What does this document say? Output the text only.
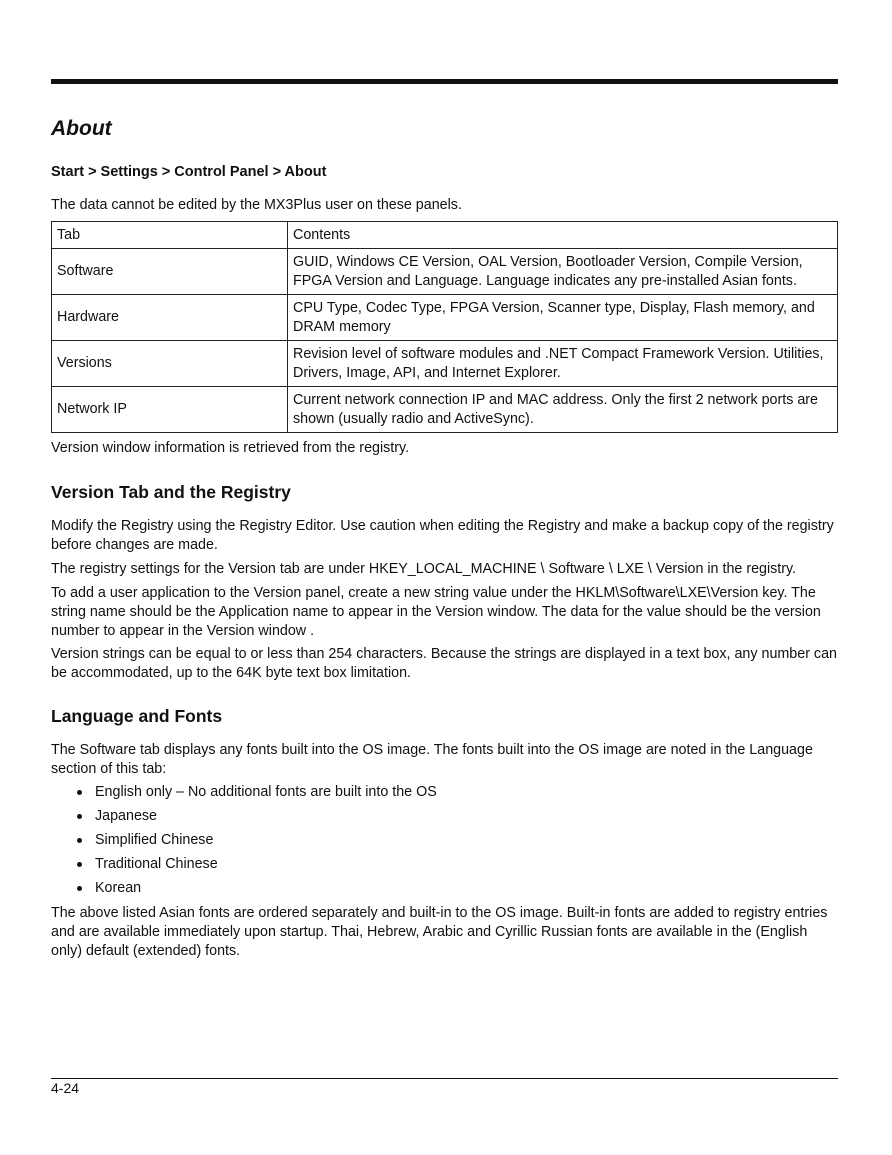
About
Start > Settings > Control Panel > About

The data cannot be edited by the MX3Plus user on these panels.

Tab	Contents
Software	GUID, Windows CE Version, OAL Version, Bootloader Version, Compile Version, FPGA Version and Language. Language indicates any pre-installed Asian fonts.
Hardware	CPU Type, Codec Type, FPGA Version, Scanner type, Display, Flash memory, and DRAM memory
Versions	Revision level of software modules and .NET Compact Framework Version. Utilities, Drivers, Image, API, and Internet Explorer.
Network IP	Current network connection IP and MAC address. Only the first 2 network ports are shown (usually radio and ActiveSync).

Version window information is retrieved from the registry.

Version Tab and the Registry

Modify the Registry using the Registry Editor. Use caution when editing the Registry and make a backup copy of the registry before changes are made.

The registry settings for the Version tab are under HKEY_LOCAL_MACHINE \ Software \ LXE \ Version in the registry.

To add a user application to the Version panel, create a new string value under the HKLM\Software\LXE\Version key. The string name should be the Application name to appear in the Version window. The data for the value should be the version number to appear in the Version window .

Version strings can be equal to or less than 254 characters. Because the strings are displayed in a text box, any number can be accommodated, up to the 64K byte text box limitation.

Language and Fonts

The Software tab displays any fonts built into the OS image. The fonts built into the OS image are noted in the Language section of this tab:

English only – No additional fonts are built into the OS
Japanese
Simplified Chinese
Traditional Chinese
Korean

The above listed Asian fonts are ordered separately and built-in to the OS image. Built-in fonts are added to registry entries and are available immediately upon startup. Thai, Hebrew, Arabic and Cyrillic Russian fonts are available in the (English only) default (extended) fonts.

4-24
